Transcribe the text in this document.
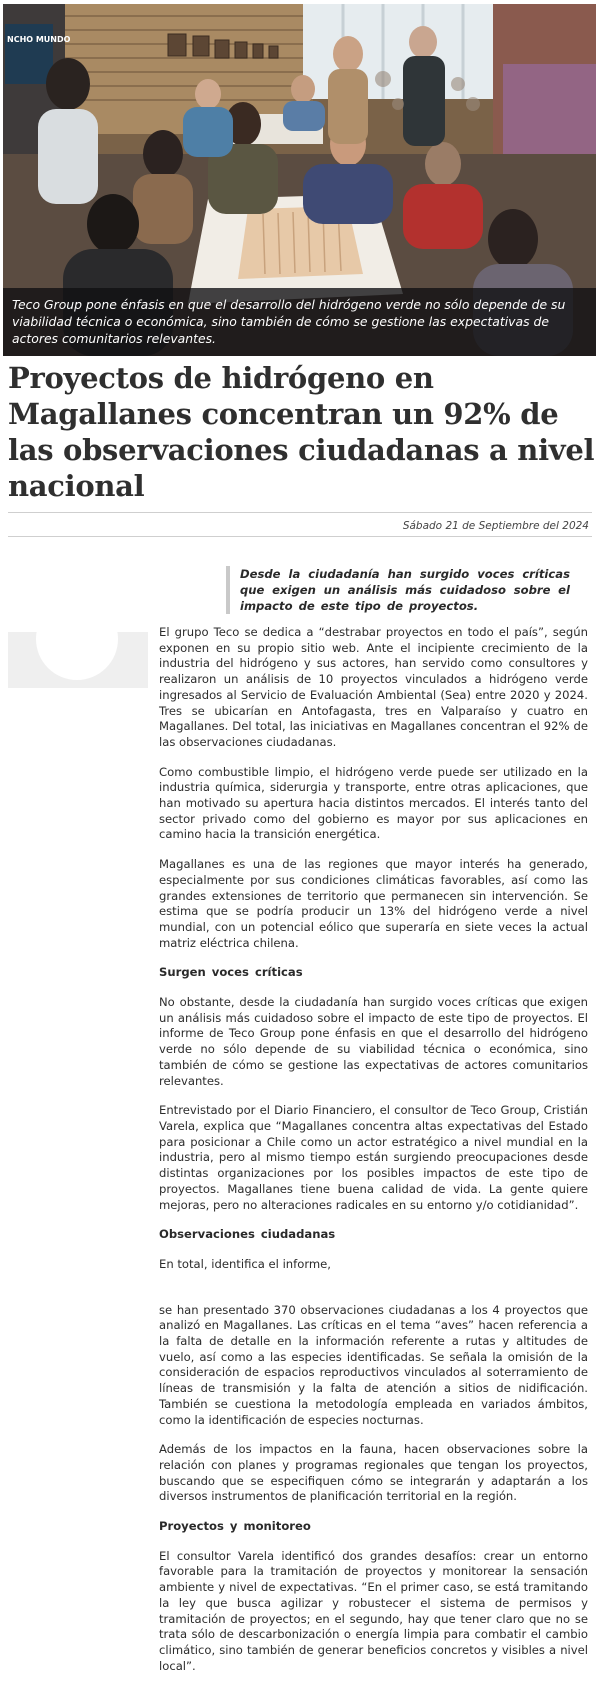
NCHO MUNDO
Teco Group pone énfasis en que el desarrollo del hidrógeno verde no sólo depende de su viabilidad técnica o económica, sino también de cómo se gestione las expectativas de actores comunitarios relevantes.
Proyectos de hidrógeno en Magallanes concentran un 92% de las observaciones ciudadanas a nivel nacional
Sábado 21 de Septiembre del 2024

Desde la ciudadanía han surgido voces críticas que exigen un análisis más cuidadoso sobre el impacto de este tipo de proyectos.

El grupo Teco se dedica a “destrabar proyectos en todo el país”, según exponen en su propio sitio web. Ante el incipiente crecimiento de la industria del hidrógeno y sus actores, han servido como consultores y realizaron un análisis de 10 proyectos vinculados a hidrógeno verde ingresados al Servicio de Evaluación Ambiental (Sea) entre 2020 y 2024. Tres se ubicarían en Antofagasta, tres en Valparaíso y cuatro en Magallanes. Del total, las iniciativas en Magallanes concentran el 92% de las observaciones ciudadanas.

Como combustible limpio, el hidrógeno verde puede ser utilizado en la industria química, siderurgia y transporte, entre otras aplicaciones, que han motivado su apertura hacia distintos mercados. El interés tanto del sector privado como del gobierno es mayor por sus aplicaciones en camino hacia la transición energética.

Magallanes es una de las regiones que mayor interés ha generado, especialmente por sus condiciones climáticas favorables, así como las grandes extensiones de territorio que permanecen sin intervención. Se estima que se podría producir un 13% del hidrógeno verde a nivel mundial, con un potencial eólico que superaría en siete veces la actual matriz eléctrica chilena.

Surgen voces críticas

No obstante, desde la ciudadanía han surgido voces críticas que exigen un análisis más cuidadoso sobre el impacto de este tipo de proyectos. El informe de Teco Group pone énfasis en que el desarrollo del hidrógeno verde no sólo depende de su viabilidad técnica o económica, sino también de cómo se gestione las expectativas de actores comunitarios relevantes.

Entrevistado por el Diario Financiero, el consultor de Teco Group, Cristián Varela, explica que “Magallanes concentra altas expectativas del Estado para posicionar a Chile como un actor estratégico a nivel mundial en la industria, pero al mismo tiempo están surgiendo preocupaciones desde distintas organizaciones por los posibles impactos de este tipo de proyectos. Magallanes tiene buena calidad de vida. La gente quiere mejoras, pero no alteraciones radicales en su entorno y/o cotidianidad”.

Observaciones ciudadanas

En total, identifica el informe,

se han presentado 370 observaciones ciudadanas a los 4 proyectos que analizó en Magallanes. Las críticas en el tema “aves” hacen referencia a la falta de detalle en la información referente a rutas y altitudes de vuelo, así como a las especies identificadas. Se señala la omisión de la consideración de espacios reproductivos vinculados al soterramiento de líneas de transmisión y la falta de atención a sitios de nidificación. También se cuestiona la metodología empleada en variados ámbitos, como la identificación de especies nocturnas.

Además de los impactos en la fauna, hacen observaciones sobre la relación con planes y programas regionales que tengan los proyectos, buscando que se especifiquen cómo se integrarán y adaptarán a los diversos instrumentos de planificación territorial en la región.

Proyectos y monitoreo

El consultor Varela identificó dos grandes desafíos: crear un entorno favorable para la tramitación de proyectos y monitorear la sensación ambiente y nivel de expectativas. “En el primer caso, se está tramitando la ley que busca agilizar y robustecer el sistema de permisos y tramitación de proyectos; en el segundo, hay que tener claro que no se trata sólo de descarbonización o energía limpia para combatir el cambio climático, sino también de generar beneficios concretos y visibles a nivel local”.
